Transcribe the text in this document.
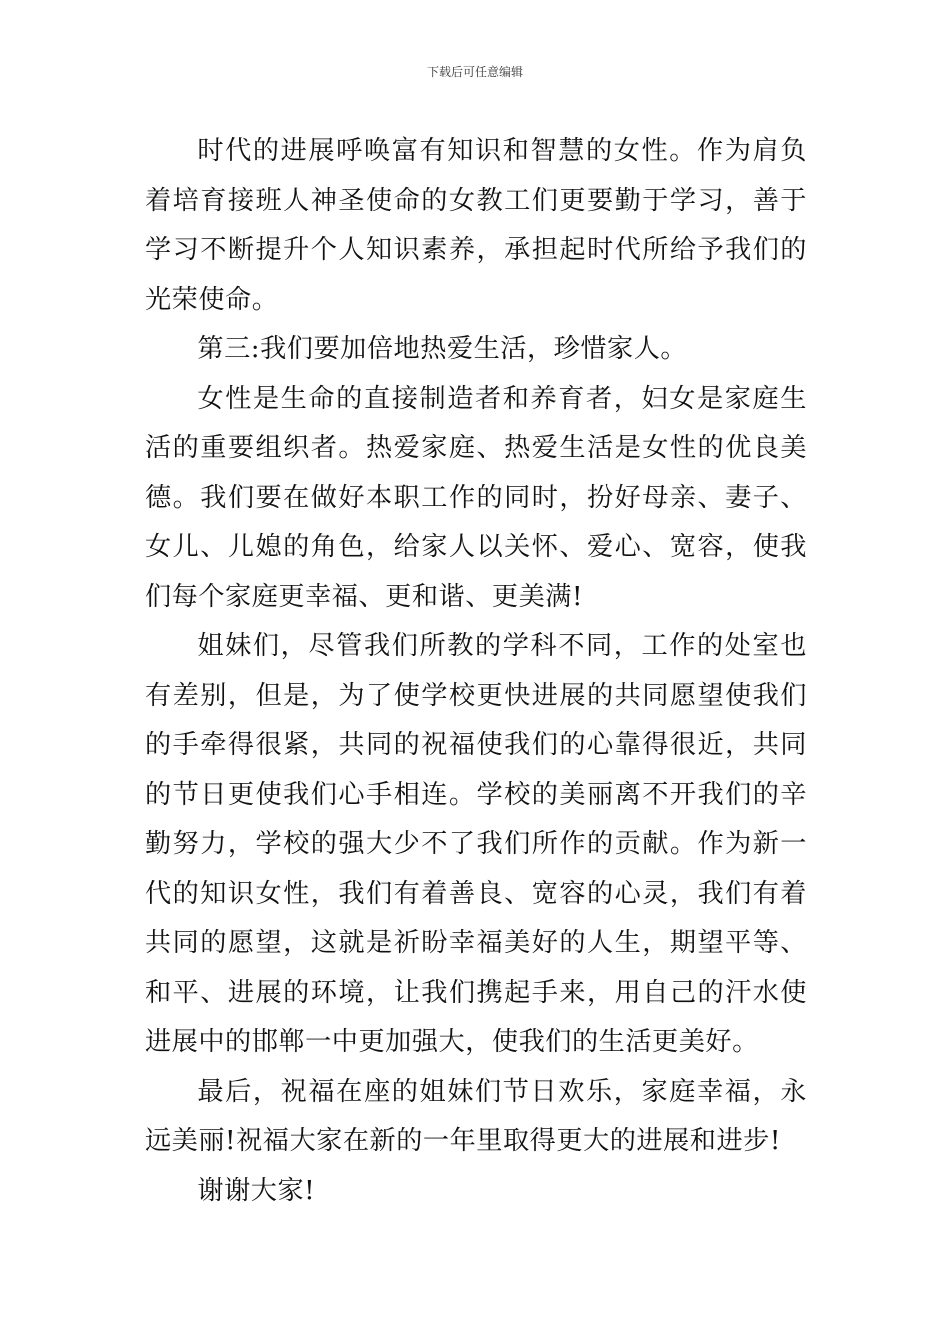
下载后可任意编辑

时代的进展呼唤富有知识和智慧的女性。作为肩负着培育接班人神圣使命的女教工们更要勤于学习，善于学习不断提升个人知识素养，承担起时代所给予我们的光荣使命。

第三:我们要加倍地热爱生活，珍惜家人。

女性是生命的直接制造者和养育者，妇女是家庭生活的重要组织者。热爱家庭、热爱生活是女性的优良美德。我们要在做好本职工作的同时，扮好母亲、妻子、女儿、儿媳的角色，给家人以关怀、爱心、宽容，使我们每个家庭更幸福、更和谐、更美满!

姐妹们，尽管我们所教的学科不同，工作的处室也有差别，但是，为了使学校更快进展的共同愿望使我们的手牵得很紧，共同的祝福使我们的心靠得很近，共同的节日更使我们心手相连。学校的美丽离不开我们的辛勤努力，学校的强大少不了我们所作的贡献。作为新一代的知识女性，我们有着善良、宽容的心灵，我们有着共同的愿望，这就是祈盼幸福美好的人生，期望平等、和平、进展的环境，让我们携起手来，用自己的汗水使进展中的邯郸一中更加强大，使我们的生活更美好。

最后，祝福在座的姐妹们节日欢乐，家庭幸福，永远美丽!祝福大家在新的一年里取得更大的进展和进步!

谢谢大家!
